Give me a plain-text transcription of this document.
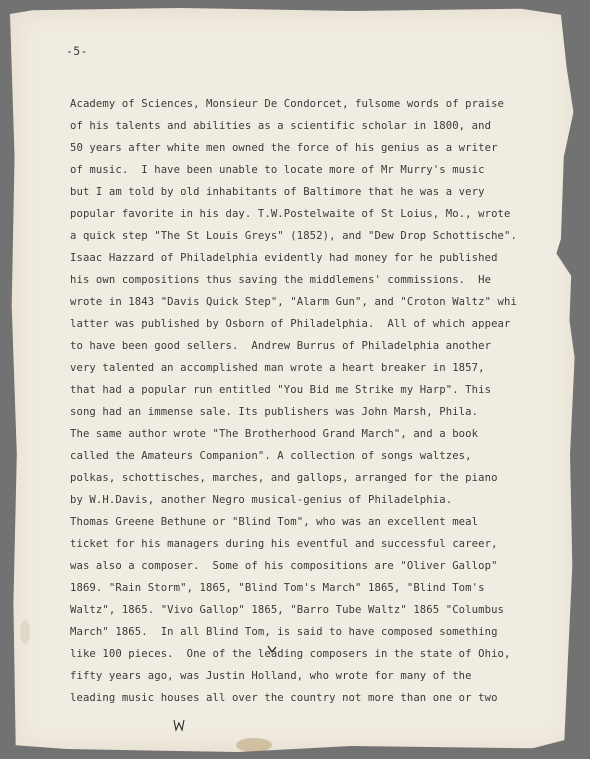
-5-
Academy of Sciences, Monsieur De Condorcet, fulsome words of praise
of his talents and abilities as a scientific scholar in 1800, and
50 years after white men owned the force of his genius as a writer
of music.  I have been unable to locate more of Mr Murry's music
but I am told by old inhabitants of Baltimore that he was a very
popular favorite in his day. T.W.Postelwaite of St Loius, Mo., wrote
a quick step "The St Louis Greys" (1852), and "Dew Drop Schottische".
Isaac Hazzard of Philadelphia evidently had money for he published
his own compositions thus saving the middlemens' commissions.  He
wrote in 1843 "Davis Quick Step", "Alarm Gun", and "Croton Waltz" whi
latter was published by Osborn of Philadelphia.  All of which appear
to have been good sellers.  Andrew Burrus of Philadelphia another
very talented an accomplished man wrote a heart breaker in 1857,
that had a popular run entitled "You Bid me Strike my Harp". This
song had an immense sale. Its publishers was John Marsh, Phila.
The same author wrote "The Brotherhood Grand March", and a book
called the Amateurs Companion". A collection of songs waltzes,
polkas, schottisches, marches, and gallops, arranged for the piano
by W.H.Davis, another Negro musical-genius of Philadelphia.
Thomas Greene Bethune or "Blind Tom", who was an excellent meal
ticket for his managers during his eventful and successful career,
was also a composer.  Some of his compositions are "Oliver Gallop"
1869. "Rain Storm", 1865, "Blind Tom's March" 1865, "Blind Tom's
Waltz", 1865. "Vivo Gallop" 1865, "Barro Tube Waltz" 1865 "Columbus
March" 1865.  In all Blind Tom, is said to have composed something
like 100 pieces.  One of the leading composers in the state of Ohio,
fifty years ago, was Justin Holland, who wrote for many of the
leading music houses all over the country not more than one or two
